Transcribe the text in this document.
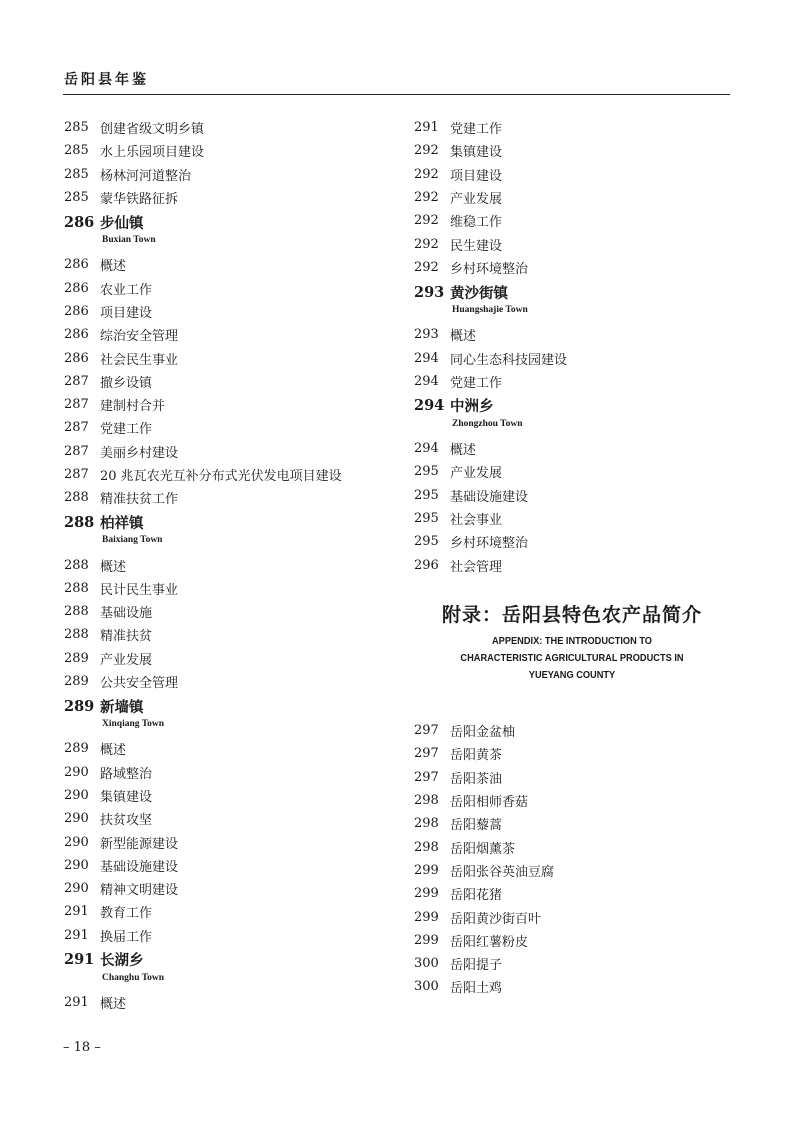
岳阳县年鉴
285 创建省级文明乡镇
285 水上乐园项目建设
285 杨林河河道整治
285 蒙华铁路征拆
286 步仙镇
Buxian Town
286 概述
286 农业工作
286 项目建设
286 综治安全管理
286 社会民生事业
287 撤乡设镇
287 建制村合并
287 党建工作
287 美丽乡村建设
287 20 兆瓦农光互补分布式光伏发电项目建设
288 精准扶贫工作
288 柏祥镇
Baixiang Town
288 概述
288 民计民生事业
288 基础设施
288 精准扶贫
289 产业发展
289 公共安全管理
289 新墙镇
Xinqiang Town
289 概述
290 路域整治
290 集镇建设
290 扶贫攻坚
290 新型能源建设
290 基础设施建设
290 精神文明建设
291 教育工作
291 换届工作
291 长湖乡
Changhu Town
291 概述
291 党建工作
292 集镇建设
292 项目建设
292 产业发展
292 维稳工作
292 民生建设
292 乡村环境整治
293 黄沙街镇
Huangshajie Town
293 概述
294 同心生态科技园建设
294 党建工作
294 中洲乡
Zhongzhou Town
294 概述
295 产业发展
295 基础设施建设
295 社会事业
295 乡村环境整治
296 社会管理
附录：岳阳县特色农产品简介
APPENDIX: THE INTRODUCTION TO
CHARACTERISTIC AGRICULTURAL PRODUCTS IN
YUEYANG COUNTY
297 岳阳金盆柚
297 岳阳黄茶
297 岳阳茶油
298 岳阳相师香菇
298 岳阳藜蒿
298 岳阳烟薰茶
299 岳阳张谷英油豆腐
299 岳阳花猪
299 岳阳黄沙街百叶
299 岳阳红薯粉皮
300 岳阳提子
300 岳阳土鸡
– 18 –
